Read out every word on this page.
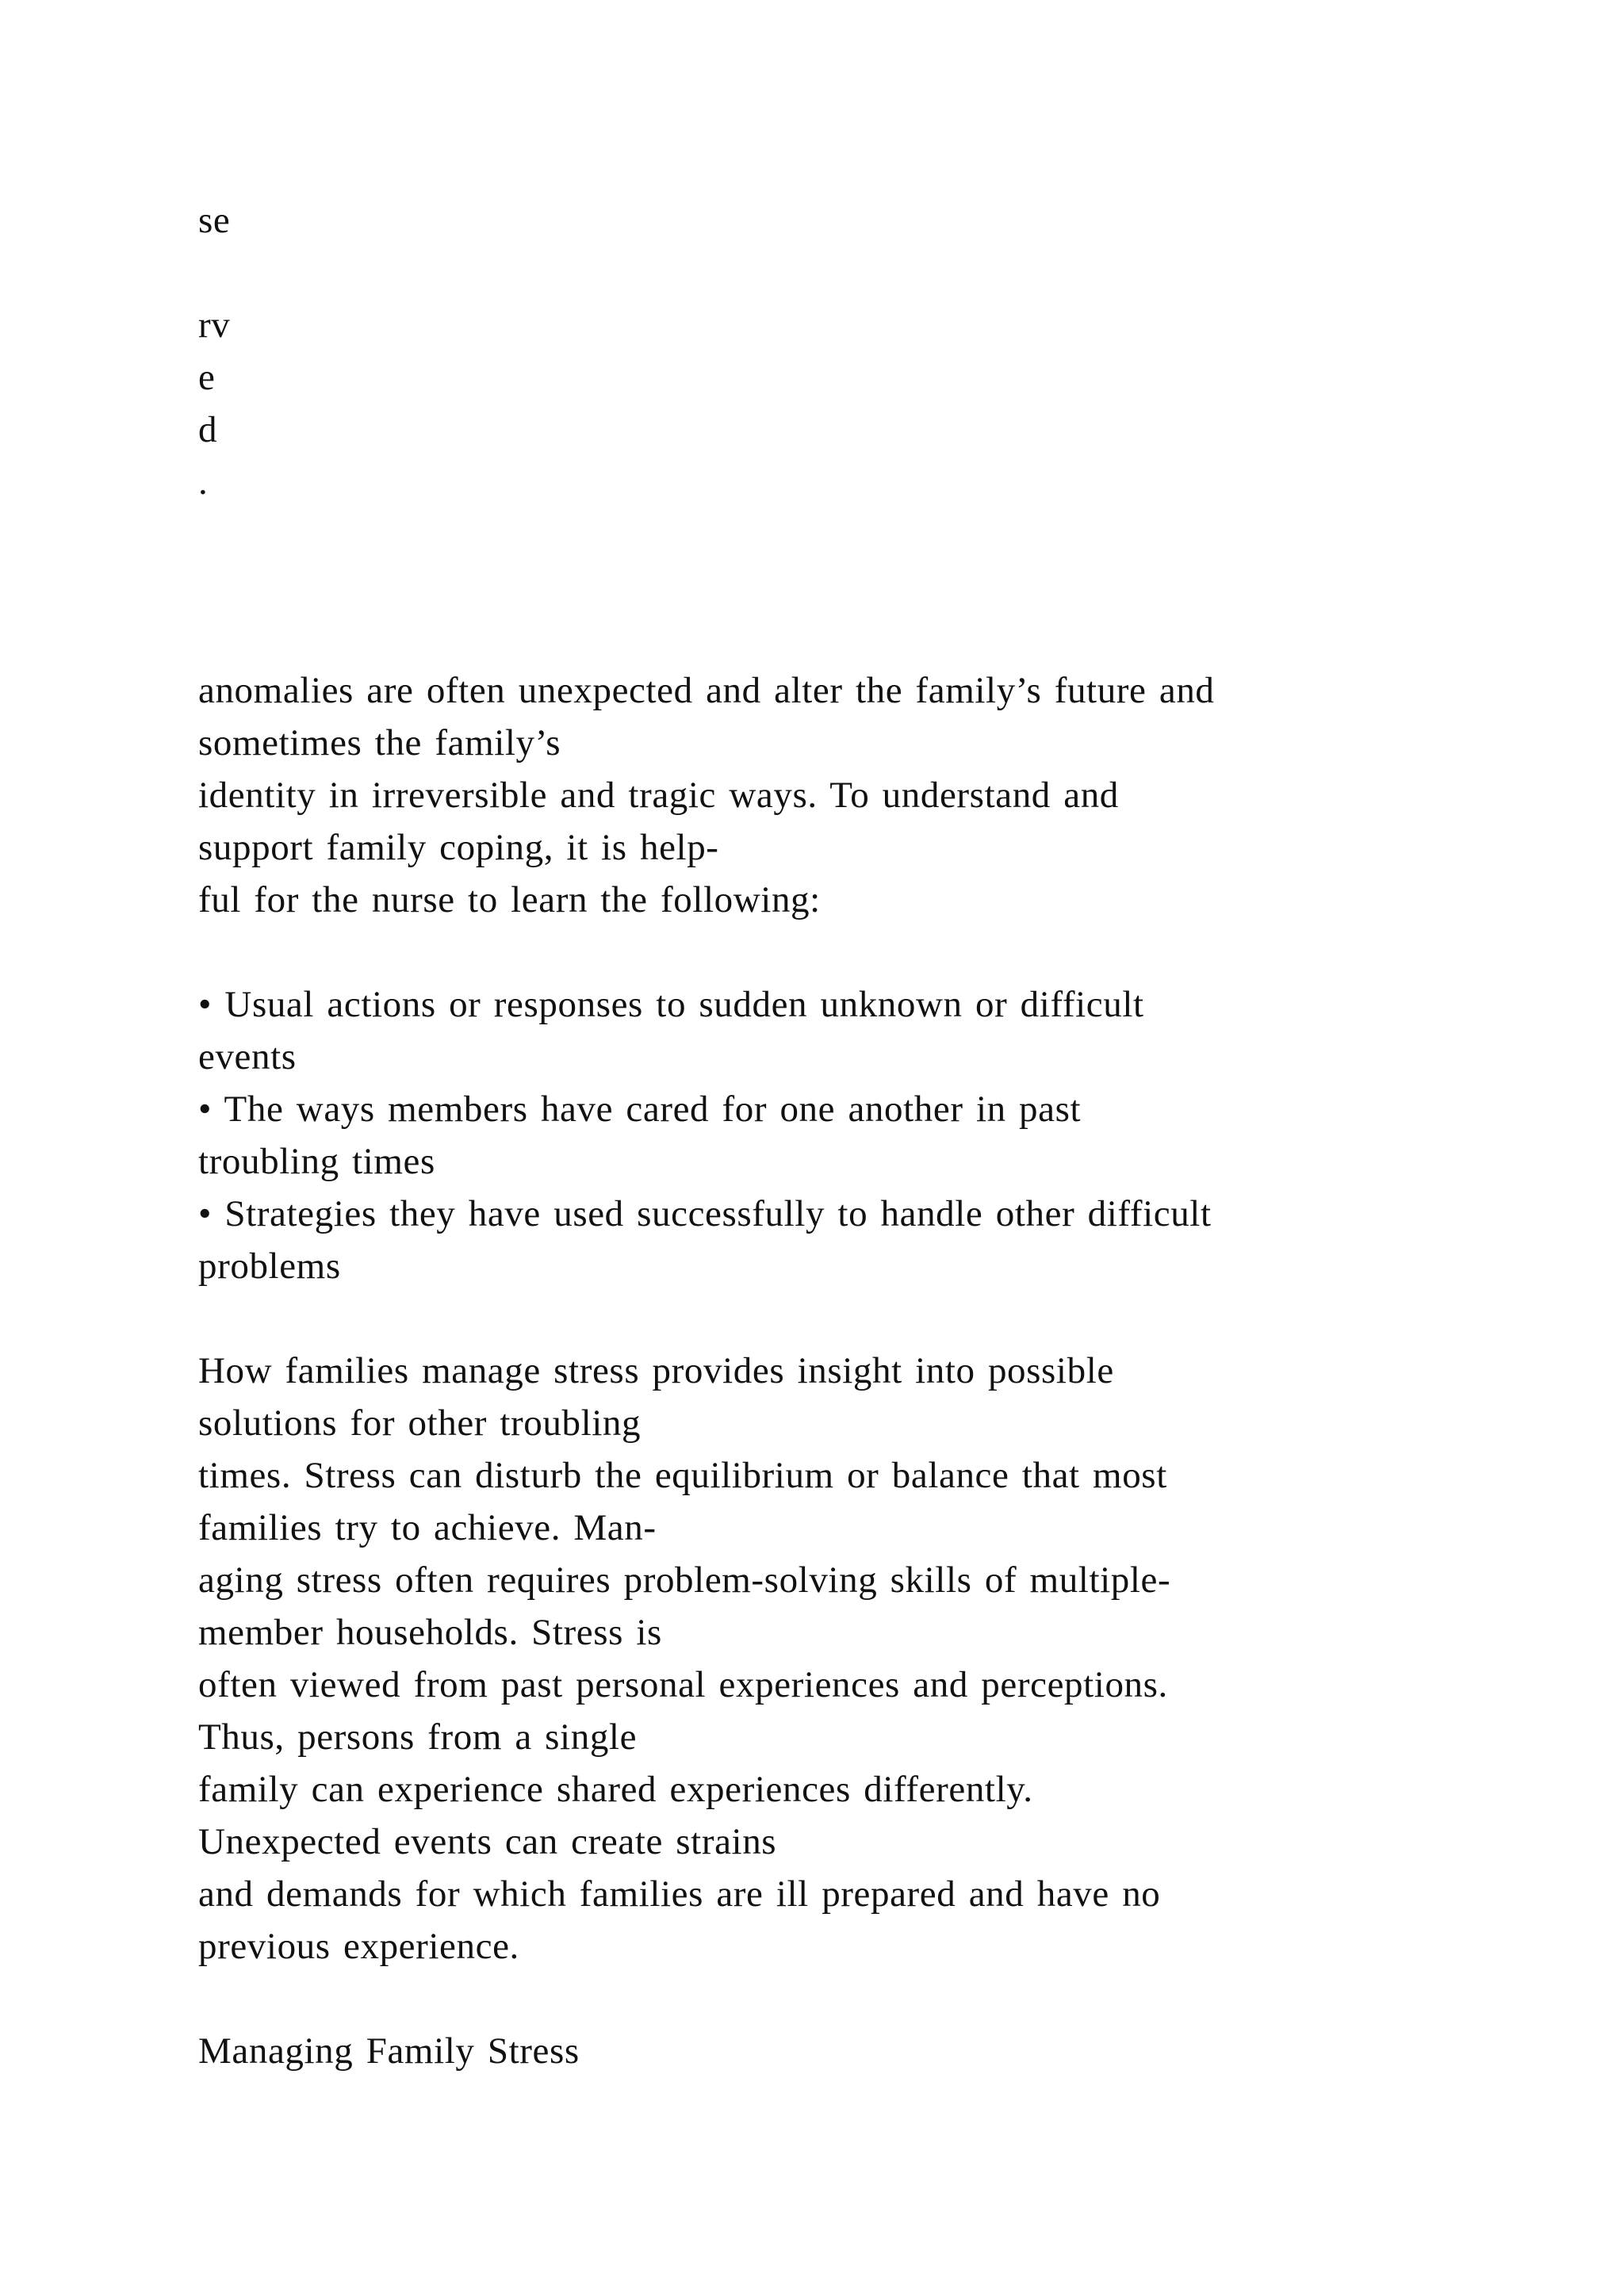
se
rv
e
d
.
anomalies are often unexpected and alter the family’s future and
sometimes the family’s
identity in irreversible and tragic ways. To understand and
support family coping, it is help-
ful for the nurse to learn the following:
• Usual actions or responses to sudden unknown or difficult
events
• The ways members have cared for one another in past
troubling times
• Strategies they have used successfully to handle other difficult
problems
How families manage stress provides insight into possible
solutions for other troubling
times. Stress can disturb the equilibrium or balance that most
families try to achieve. Man-
aging stress often requires problem-solving skills of multiple-
member households. Stress is
often viewed from past personal experiences and perceptions.
Thus, persons from a single
family can experience shared experiences differently.
Unexpected events can create strains
and demands for which families are ill prepared and have no
previous experience.
Managing Family Stress
